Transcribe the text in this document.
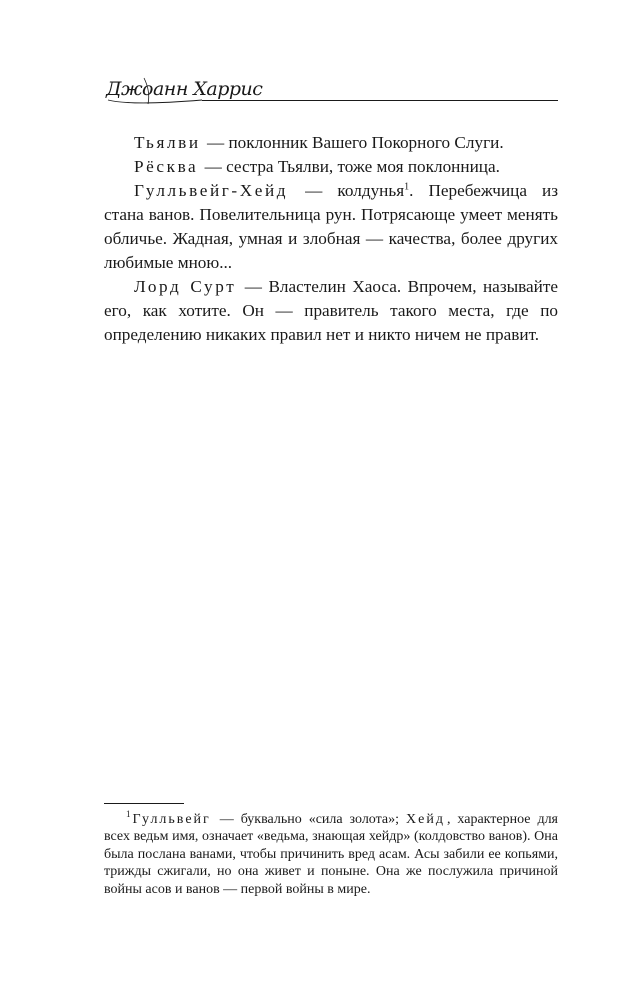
Джоанн Харрис

Тьялви — поклонник Вашего Покорного Слуги.

Рёсква — сестра Тьялви, тоже моя поклонница.

Гулльвейг-Хейд — колдунья$^1$. Перебежчица из стана ванов. Повелительница рун. Потрясающе умеет менять обличье. Жадная, умная и злобная — качества, более других любимые мною...

Лорд Сурт — Властелин Хаоса. Впрочем, называйте его, как хотите. Он — правитель такого места, где по определению никаких правил нет и никто ничем не правит.

$^1$ Гулльвейг — буквально «сила золота»; Хейд , характерное для всех ведьм имя, означает «ведьма, знающая хейдр» (колдовство ванов). Она была послана ванами, чтобы причинить вред асам. Асы забили ее копьями, трижды сжигали, но она живет и поныне. Она же послужила причиной войны асов и ванов — первой войны в мире.
